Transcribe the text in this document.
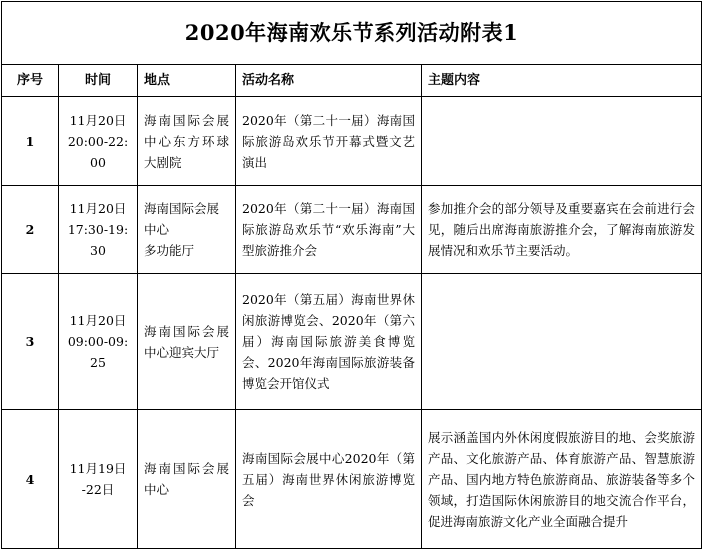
2020年海南欢乐节系列活动附表1				
序号	时间	地点	活动名称	主题内容
1	11月20日
20:00-22:
00	海南国际会展中心东方环球大剧院	2020年（第二十一届）海南国际旅游岛欢乐节开幕式暨文艺演出	
2	11月20日
17:30-19:
30	海南国际会展
中心
多功能厅	2020年（第二十一届）海南国际旅游岛欢乐节“欢乐海南”大型旅游推介会	参加推介会的部分领导及重要嘉宾在会前进行会见，随后出席海南旅游推介会，了解海南旅游发展情况和欢乐节主要活动。
3	11月20日
09:00-09:
25	海南国际会展中心迎宾大厅	2020年（第五届）海南世界休闲旅游博览会、2020年（第六届）海南国际旅游美食博览会、2020年海南国际旅游装备博览会开馆仪式	
4	11月19日
-22日	海南国际会展中心	海南国际会展中心2020年（第五届）海南世界休闲旅游博览会	展示涵盖国内外休闲度假旅游目的地、会奖旅游产品、文化旅游产品、体育旅游产品、智慧旅游产品、国内地方特色旅游商品、旅游装备等多个领域，打造国际休闲旅游目的地交流合作平台，促进海南旅游文化产业全面融合提升
